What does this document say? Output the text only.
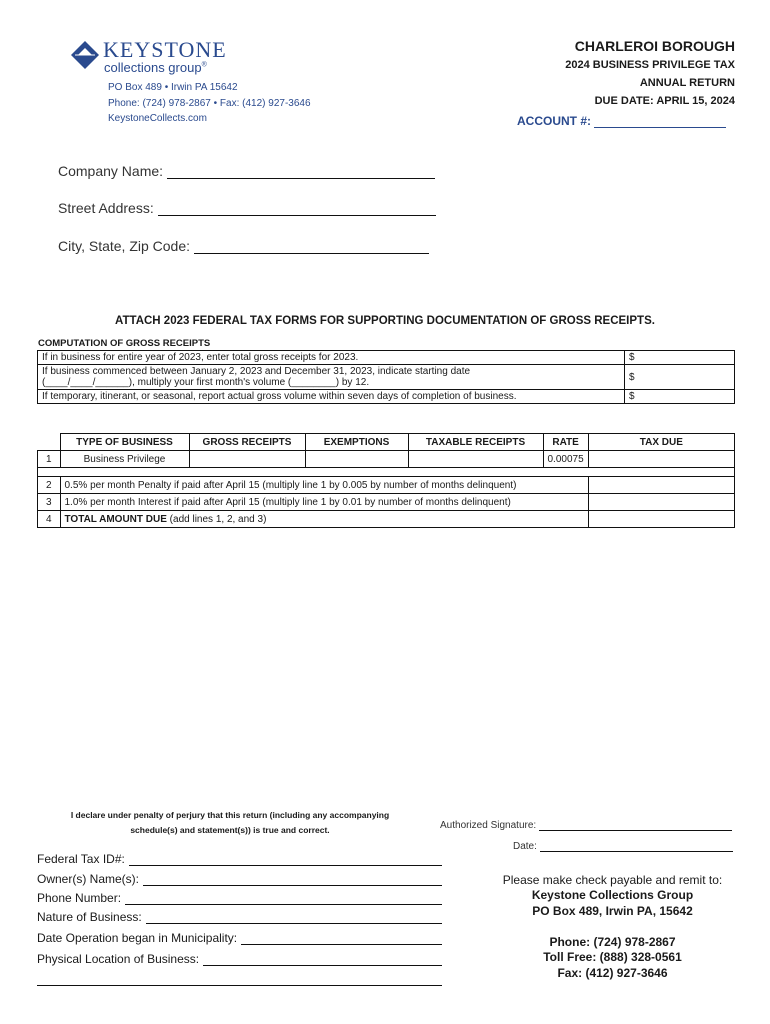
KEYSTONE
collections group®
PO Box 489 • Irwin PA 15642
Phone: (724) 978-2867 • Fax: (412) 927-3646
KeystoneCollects.com
CHARLEROI BOROUGH
2024 BUSINESS PRIVILEGE TAX
ANNUAL RETURN
DUE DATE: APRIL 15, 2024
ACCOUNT #:
Company Name:
Street Address:
City, State, Zip Code:
ATTACH 2023 FEDERAL TAX FORMS FOR SUPPORTING DOCUMENTATION OF GROSS RECEIPTS.
COMPUTATION OF GROSS RECEIPTS
If in business for entire year of 2023, enter total gross receipts for 2023.	$

If business commenced between January 2, 2023 and December 31, 2023, indicate starting date
(____/____/______), multiply your first month's volume (________) by 12.	$
If temporary, itinerant, or seasonal, report actual gross volume within seven days of completion of business.	$
	TYPE OF BUSINESS	GROSS RECEIPTS	EXEMPTIONS	TAXABLE RECEIPTS	RATE	TAX DUE
1	Business Privilege				0.00075	

2	0.5% per month Penalty if paid after April 15 (multiply line 1 by 0.005 by number of months delinquent)					
3	1.0% per month Interest if paid after April 15 (multiply line 1 by 0.01 by number of months delinquent)					
4	TOTAL AMOUNT DUE (add lines 1, 2, and 3)					
I declare under penalty of perjury that this return (including any accompanying
schedule(s) and statement(s)) is true and correct.	Authorized Signature:
Date:
Federal Tax ID#:
Owner(s) Name(s):
Phone Number:
Nature of Business:
Date Operation began in Municipality:
Physical Location of Business:
Please make check payable and remit to:
Keystone Collections Group
PO Box 489, Irwin PA, 15642
Phone: (724) 978-2867
Toll Free: (888) 328-0561
Fax: (412) 927-3646
